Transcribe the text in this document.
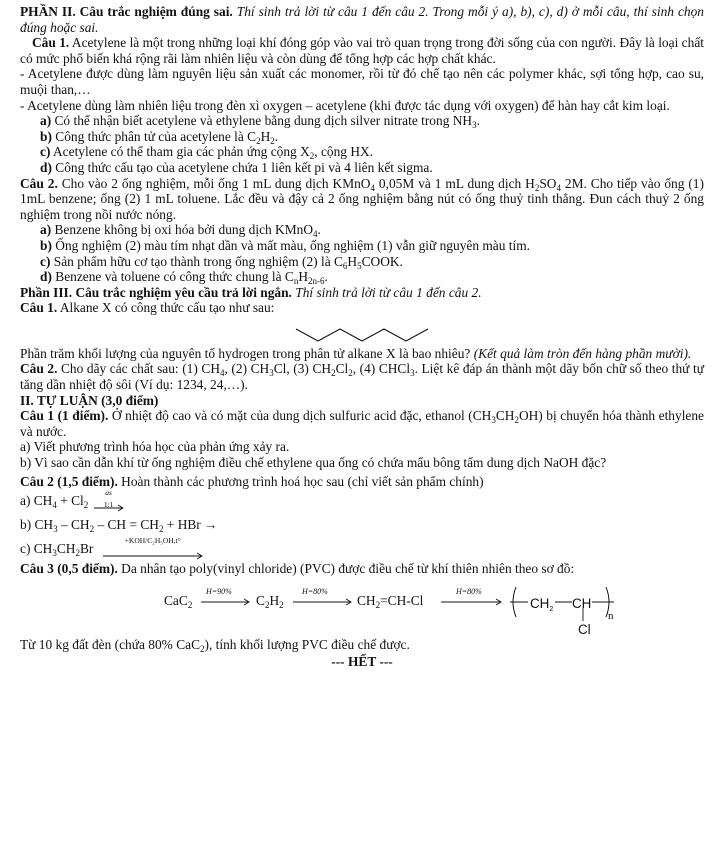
PHẦN II. Câu trắc nghiệm đúng sai. Thí sinh trả lời từ câu 1 đến câu 2. Trong mỗi ý a), b), c), d) ở mỗi câu, thí sinh chọn đúng hoặc sai.

Câu 1. Acetylene là một trong những loại khí đóng góp vào vai trò quan trọng trong đời sống của con người. Đây là loại chất có mức phổ biến khá rộng rãi làm nhiên liệu và còn dùng để tổng hợp các hợp chất khác.

- Acetylene được dùng làm nguyên liệu sản xuất các monomer, rồi từ đó chế tạo nên các polymer khác, sợi tổng hợp, cao su, muội than,…

- Acetylene dùng làm nhiên liệu trong đèn xì oxygen – acetylene (khi được tác dụng với oxygen) để hàn hay cắt kim loại.

a) Có thể nhận biết acetylene và ethylene bằng dung dịch silver nitrate trong $NH_3$.

b) Công thức phân tử của acetylene là $C_2H_2$.

c) Acetylene có thể tham gia các phản ứng cộng $X_2$, cộng HX.

d) Công thức cấu tạo của acetylene chứa 1 liên kết pi và 4 liên kết sigma.

Câu 2. Cho vào 2 ống nghiệm, mỗi ống 1 mL dung dịch KMnO$_4$ 0,05M và 1 mL dung dịch $H_2SO_4$ 2M. Cho tiếp vào ống (1) 1mL benzene; ống (2) 1 mL toluene. Lắc đều và đậy cả 2 ống nghiệm bằng nút có ống thuỷ tinh thẳng. Đun cách thuỷ 2 ống nghiệm trong nồi nước nóng.

a) Benzene không bị oxi hóa bởi dung dịch KMnO$_4$.

b) Ống nghiệm (2) màu tím nhạt dần và mất màu, ống nghiệm (1) vẫn giữ nguyên màu tím.

c) Sản phẩm hữu cơ tạo thành trong ống nghiệm (2) là $C_6H_5COOK$.

d) Benzene và toluene có công thức chung là $C_nH_{2n-6}$.

Phần III. Câu trắc nghiệm yêu cầu trả lời ngắn. Thí sinh trả lời từ câu 1 đến câu 2.

Câu 1. Alkane X có công thức cấu tạo như sau:

Phần trăm khối lượng của nguyên tố hydrogen trong phân tử alkane X là bao nhiêu? (Kết quả làm tròn đến hàng phần mười).

Câu 2. Cho dãy các chất sau: (1) $CH_4$, (2) $CH_3Cl$, (3) $CH_2Cl_2$, (4) CHCl$_3$. Liệt kê đáp án thành một dãy bốn chữ số theo thứ tự tăng dần nhiệt độ sôi (Ví dụ: 1234, 24,…).

II. TỰ LUẬN (3,0 điểm)

Câu 1 (1 điểm). Ở nhiệt độ cao và có mặt của dung dịch sulfuric acid đặc, ethanol $(CH_3CH_2OH)$ bị chuyển hóa thành ethylene và nước.

a) Viết phương trình hóa học của phản ứng xảy ra.

b) Vì sao cần dẫn khí từ ống nghiệm điều chế ethylene qua ống có chứa mẩu bông tẩm dung dịch NaOH đặc?

Câu 2 (1,5 điểm). Hoàn thành các phương trình hoá học sau (chỉ viết sản phẩm chính)

a) $CH_4 + Cl_2$
as
1:1

b) $CH_3 - CH_2$ – CH = $CH_2$ + HBr →

c) $CH_3CH_2Br$
+KOH/C₂H₅OH,t°

Câu 3 (0,5 điểm). Da nhân tạo poly(vinyl chloride) (PVC) được điều chế từ khí thiên nhiên theo sơ đồ:

CaC$_2$
H=90%
$C_2H_2$
H=80%
$CH_2=CH-Cl$
H=80%
$CH_2$ CH
Cl
n

Từ 10 kg đất đèn (chứa 80% CaC$_2$), tính khối lượng PVC điều chế được.

--- HẾT ---
